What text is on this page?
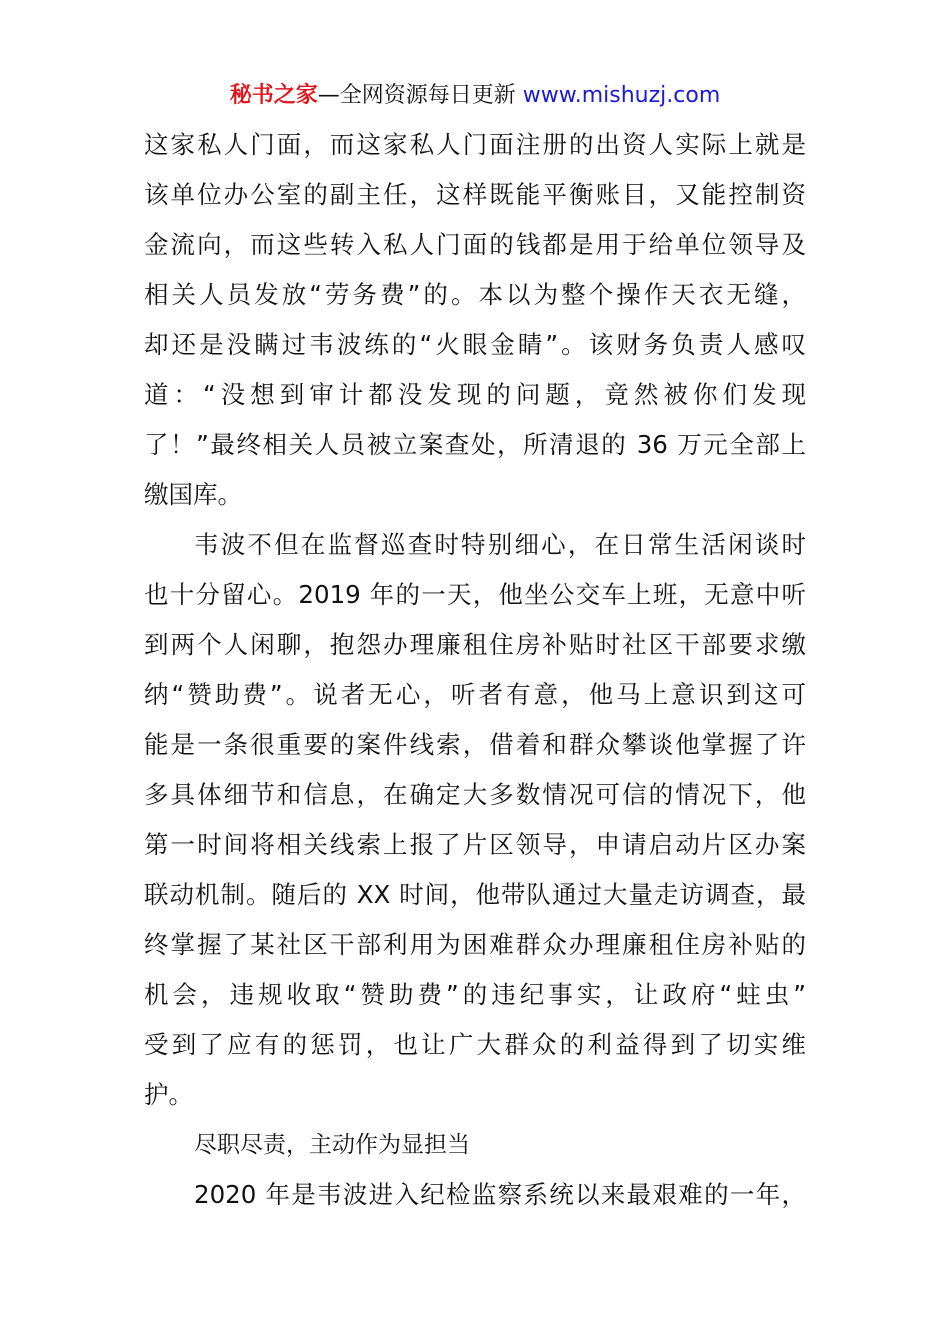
秘书之家—全网资源每日更新 www.mishuzj.com
这家私人门面，而这家私人门面注册的出资人实际上就是
该单位办公室的副主任，这样既能平衡账目，又能控制资
金流向，而这些转入私人门面的钱都是用于给单位领导及
相关人员发放“劳务费”的。本以为整个操作天衣无缝，
却还是没瞒过韦波练的“火眼金睛”。该财务负责人感叹
道：“没想到审计都没发现的问题，竟然被你们发现
了！”最终相关人员被立案查处，所清退的 36 万元全部上
缴国库。
韦波不但在监督巡查时特别细心，在日常生活闲谈时
也十分留心。2019 年的一天，他坐公交车上班，无意中听
到两个人闲聊，抱怨办理廉租住房补贴时社区干部要求缴
纳“赞助费”。说者无心，听者有意，他马上意识到这可
能是一条很重要的案件线索，借着和群众攀谈他掌握了许
多具体细节和信息，在确定大多数情况可信的情况下，他
第一时间将相关线索上报了片区领导，申请启动片区办案
联动机制。随后的 XX 时间，他带队通过大量走访调查，最
终掌握了某社区干部利用为困难群众办理廉租住房补贴的
机会，违规收取“赞助费”的违纪事实，让政府“蛀虫”
受到了应有的惩罚，也让广大群众的利益得到了切实维
护。
尽职尽责，主动作为显担当
2020 年是韦波进入纪检监察系统以来最艰难的一年，
